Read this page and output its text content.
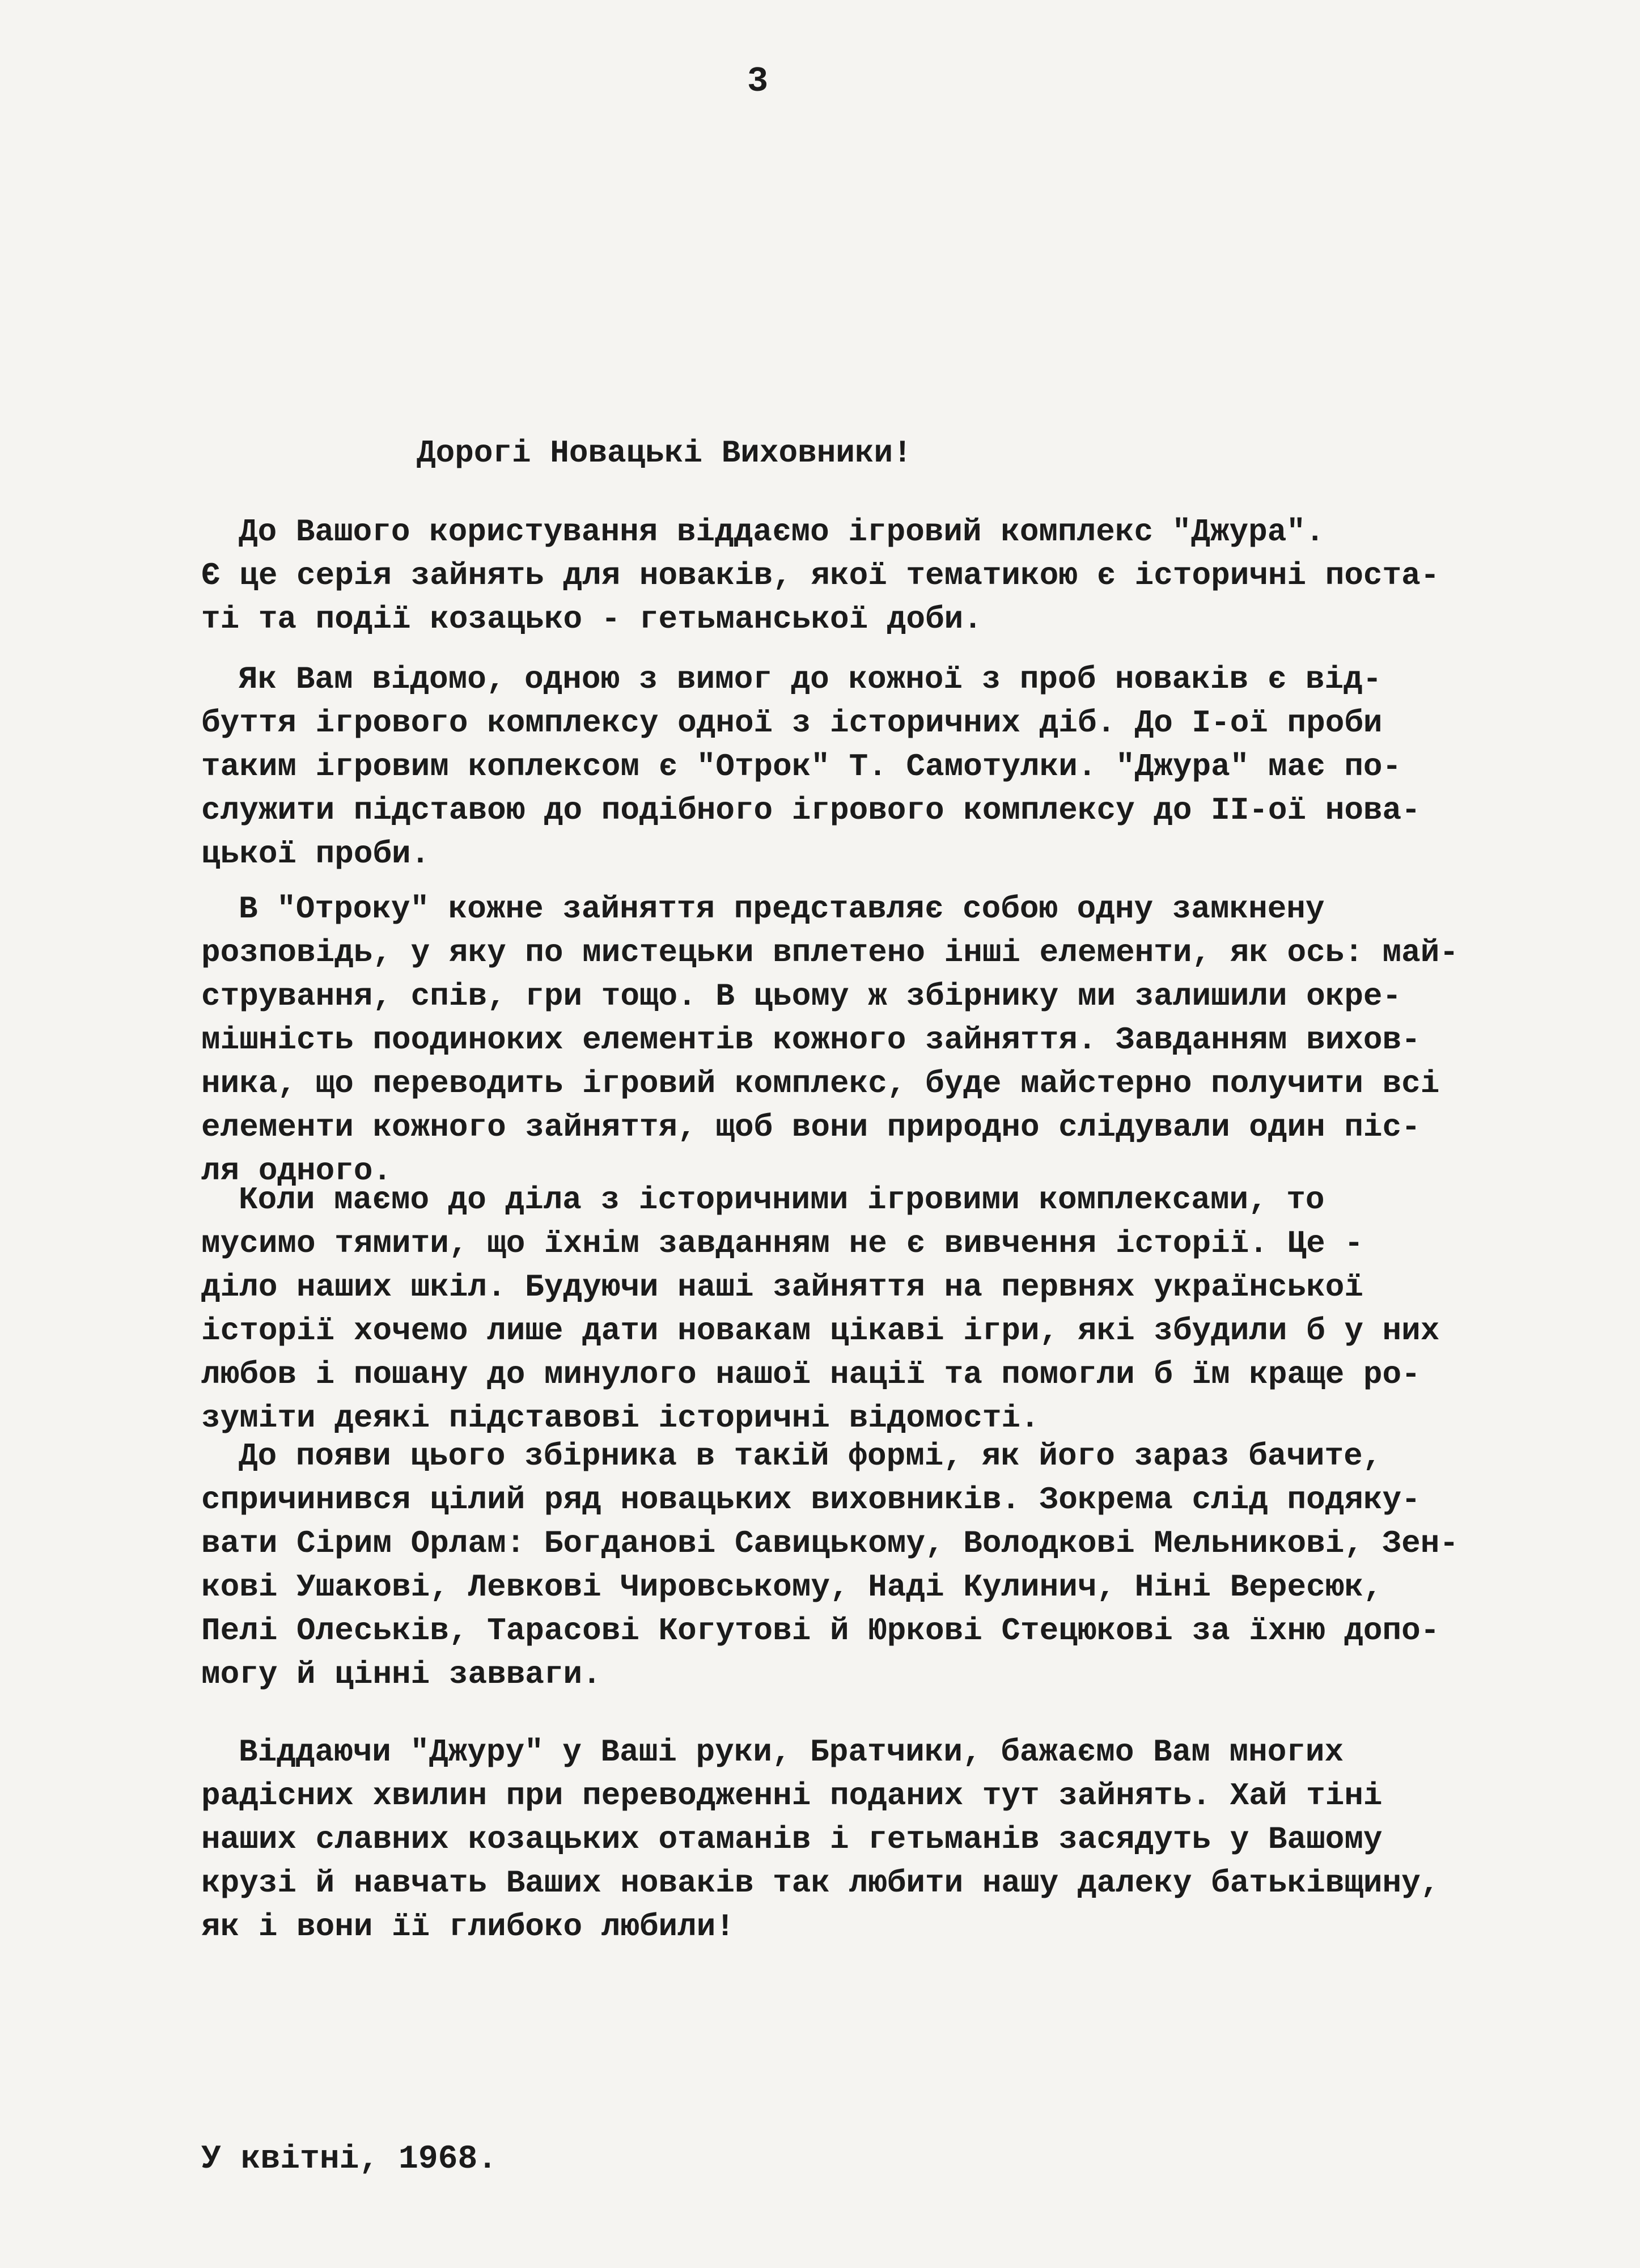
3
Дорогі Новацькі Виховники!
До Вашого користування віддаємо ігровий комплекс "Джура".
Є це серія зайнять для новаків, якої тематикою є історичні поста-
ті та події козацько - гетьманської доби.
Як Вам відомо, одною з вимог до кожної з проб новаків є від-
буття ігрового комплексу одної з історичних діб. До I-ої проби
таким ігровим коплексом є "Отрок" Т. Самотулки. "Джура" має по-
служити підставою до подібного ігрового комплексу до II-ої нова-
цької проби.
В "Отроку" кожне зайняття представляє собою одну замкнену
розповідь, у яку по мистецьки вплетено інші елементи, як ось: май-
стрування, спів, гри тощо. В цьому ж збірнику ми залишили окре-
мішність поодиноких елементів кожного зайняття. Завданням вихов-
ника, що переводить ігровий комплекс, буде майстерно получити всі
елементи кожного зайняття, щоб вони природно слідували один піс-
ля одного.
Коли маємо до діла з історичними ігровими комплексами, то
мусимо тямити, що їхнім завданням не є вивчення історії. Це -
діло наших шкіл. Будуючи наші зайняття на первнях української
історії хочемо лише дати новакам цікаві ігри, які збудили б у них
любов і пошану до минулого нашої нації та помогли б їм краще ро-
зуміти деякі підставові історичні відомості.
До появи цього збірника в такій формі, як його зараз бачите,
спричинився цілий ряд новацьких виховників. Зокрема слід подяку-
вати Сірим Орлам: Богданові Савицькому, Володкові Мельникові, Зен-
кові Ушакові, Левкові Чировському, Наді Кулинич, Ніні Вересюк,
Пелі Олеськів, Тарасові Когутові й Юркові Стецюкові за їхню допо-
могу й цінні завваги.
Віддаючи "Джуру" у Ваші руки, Братчики, бажаємо Вам многих
радісних хвилин при переводженні поданих тут зайнять. Хай тіні
наших славних козацьких отаманів і гетьманів засядуть у Вашому
крузі й навчать Ваших новаків так любити нашу далеку батьківщину,
як і вони її глибоко любили!
У квітні, 1968.
